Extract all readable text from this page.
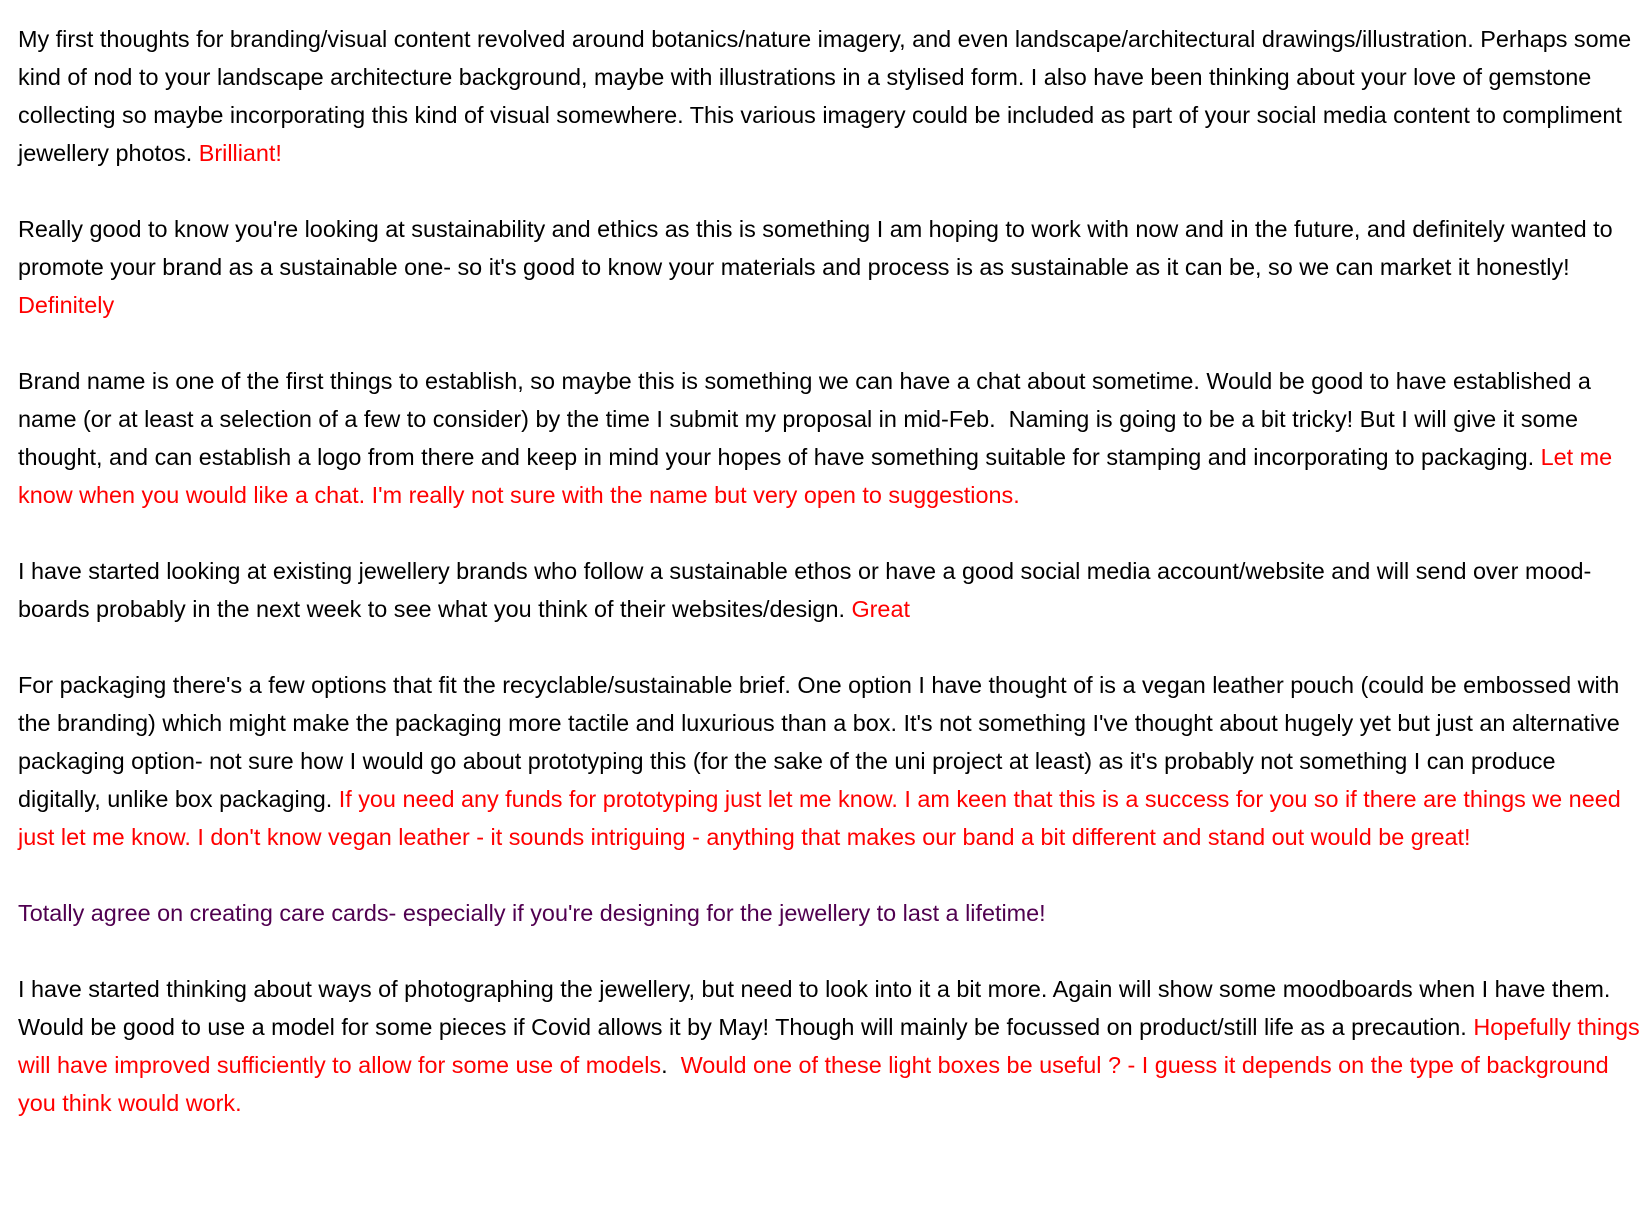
My first thoughts for branding/visual content revolved around botanics/nature imagery, and even landscape/architectural drawings/illustration. Perhaps some kind of nod to your landscape architecture background, maybe with illustrations in a stylised form. I also have been thinking about your love of gemstone collecting so maybe incorporating this kind of visual somewhere. This various imagery could be included as part of your social media content to compliment jewellery photos. Brilliant!

Really good to know you're looking at sustainability and ethics as this is something I am hoping to work with now and in the future, and definitely wanted to promote your brand as a sustainable one- so it's good to know your materials and process is as sustainable as it can be, so we can market it honestly! Definitely

Brand name is one of the first things to establish, so maybe this is something we can have a chat about sometime. Would be good to have established a name (or at least a selection of a few to consider) by the time I submit my proposal in mid-Feb. Naming is going to be a bit tricky! But I will give it some thought, and can establish a logo from there and keep in mind your hopes of have something suitable for stamping and incorporating to packaging. Let me know when you would like a chat. I'm really not sure with the name but very open to suggestions.

I have started looking at existing jewellery brands who follow a sustainable ethos or have a good social media account/website and will send over mood-boards probably in the next week to see what you think of their websites/design. Great

For packaging there's a few options that fit the recyclable/sustainable brief. One option I have thought of is a vegan leather pouch (could be embossed with the branding) which might make the packaging more tactile and luxurious than a box. It's not something I've thought about hugely yet but just an alternative packaging option- not sure how I would go about prototyping this (for the sake of the uni project at least) as it's probably not something I can produce digitally, unlike box packaging. If you need any funds for prototyping just let me know. I am keen that this is a success for you so if there are things we need just let me know. I don't know vegan leather - it sounds intriguing - anything that makes our band a bit different and stand out would be great!

Totally agree on creating care cards- especially if you're designing for the jewellery to last a lifetime!

I have started thinking about ways of photographing the jewellery, but need to look into it a bit more. Again will show some moodboards when I have them. Would be good to use a model for some pieces if Covid allows it by May! Though will mainly be focussed on product/still life as a precaution. Hopefully things will have improved sufficiently to allow for some use of models. Would one of these light boxes be useful ? - I guess it depends on the type of background you think would work.
